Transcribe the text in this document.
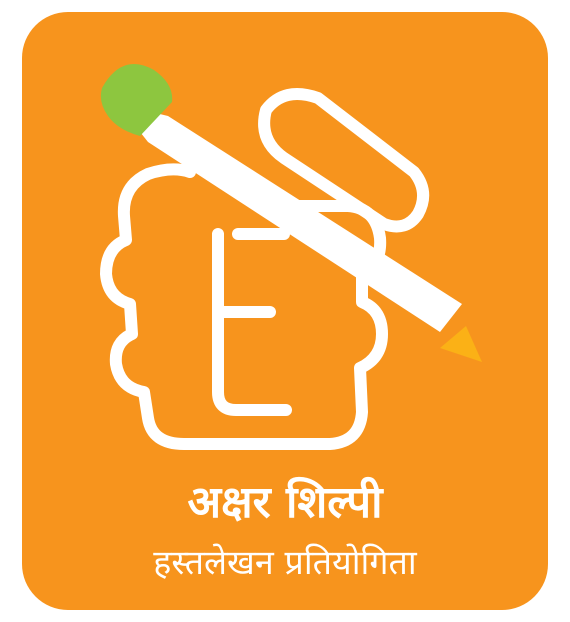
अक्षर शिल्पी
हस्तलेखन प्रतियोगिता
